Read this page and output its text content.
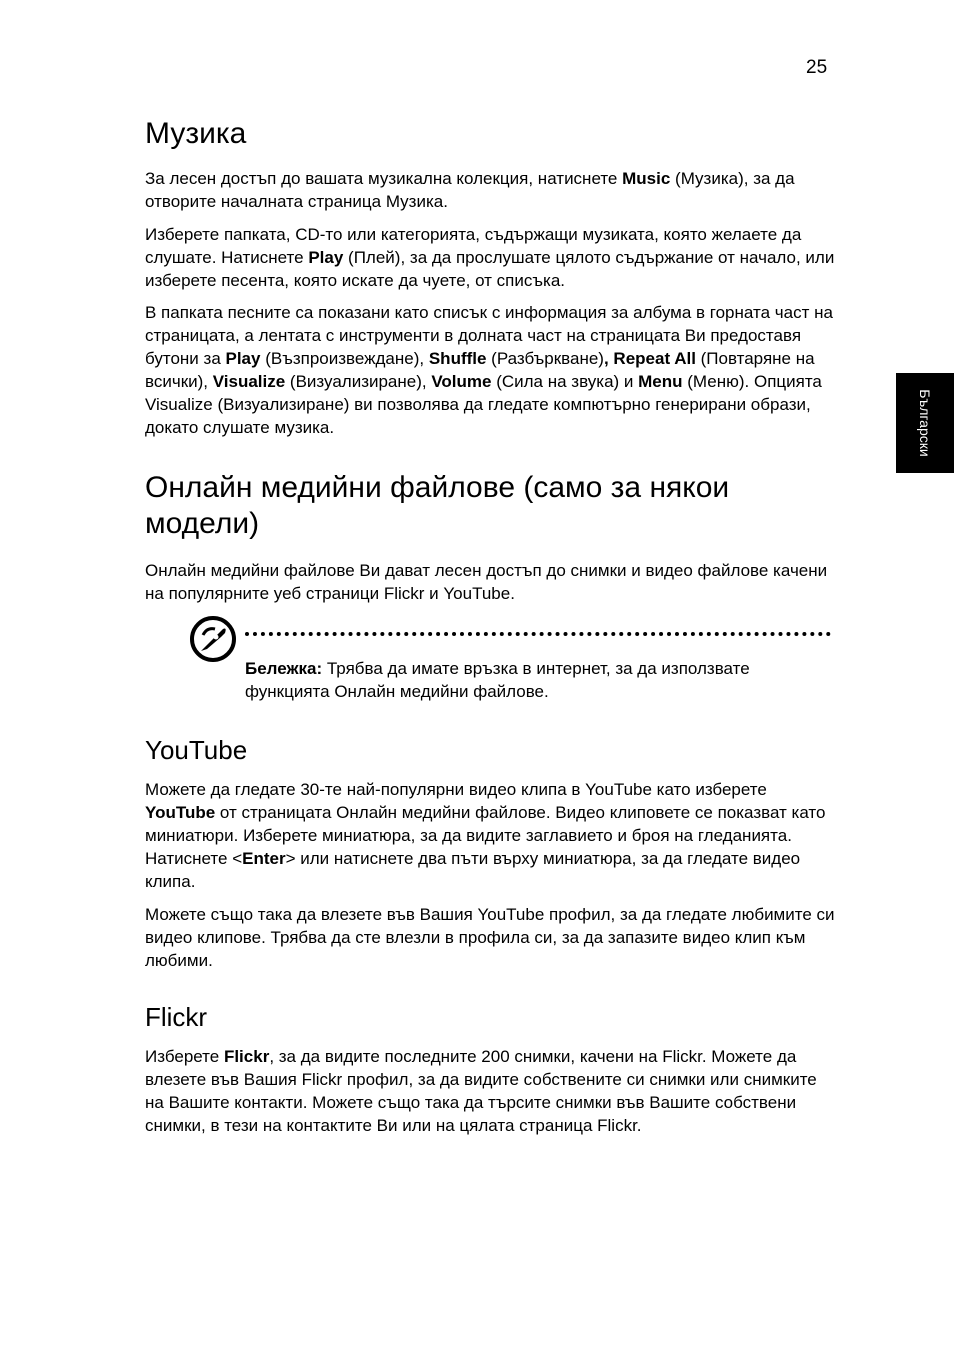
25
Български
Музика

За лесен достъп до вашата музикална колекция, натиснете Music (Музика), за да отворите началната страница Музика.

Изберете папката, CD-то или категорията, съдържащи музиката, която желаете да слушате. Натиснете Play (Плей), за да прослушате цялото съдържание от начало, или изберете песента, която искате да чуете, от списъка.

В папката песните са показани като списък с информация за албума в горната част на страницата, а лентата с инструменти в долната част на страницата Ви предоставя бутони за Play (Възпроизвеждане), Shuffle (Разбъркване), Repeat All (Повтаряне на всички), Visualize (Визуализиране), Volume (Сила на звука) и Menu (Меню). Опцията Visualize (Визуализиране) ви позволява да гледате компютърно генерирани образи, докато слушате музика.

Онлайн медийни файлове (само за някои модели)

Онлайн медийни файлове Ви дават лесен достъп до снимки и видео файлове качени на популярните уеб страници Flickr и YouTube.

Бележка: Трябва да имате връзка в интернет, за да използвате функцията Онлайн медийни файлове.

YouTube

Можете да гледате 30-те най-популярни видео клипа в YouTube като изберете YouTube от страницата Онлайн медийни файлове. Видео клиповете се показват като миниатюри. Изберете миниатюра, за да видите заглавието и броя на гледанията. Натиснете <Enter> или натиснете два пъти върху миниатюра, за да гледате видео клипа.

Можете също така да влезете във Вашия YouTube профил, за да гледате любимите си видео клипове. Трябва да сте влезли в профила си, за да запазите видео клип към любими.

Flickr

Изберете Flickr, за да видите последните 200 снимки, качени на Flickr. Можете да влезете във Вашия Flickr профил, за да видите собствените си снимки или снимките на Вашите контакти. Можете също така да търсите снимки във Вашите собствени снимки, в тези на контактите Ви или на цялата страница Flickr.
